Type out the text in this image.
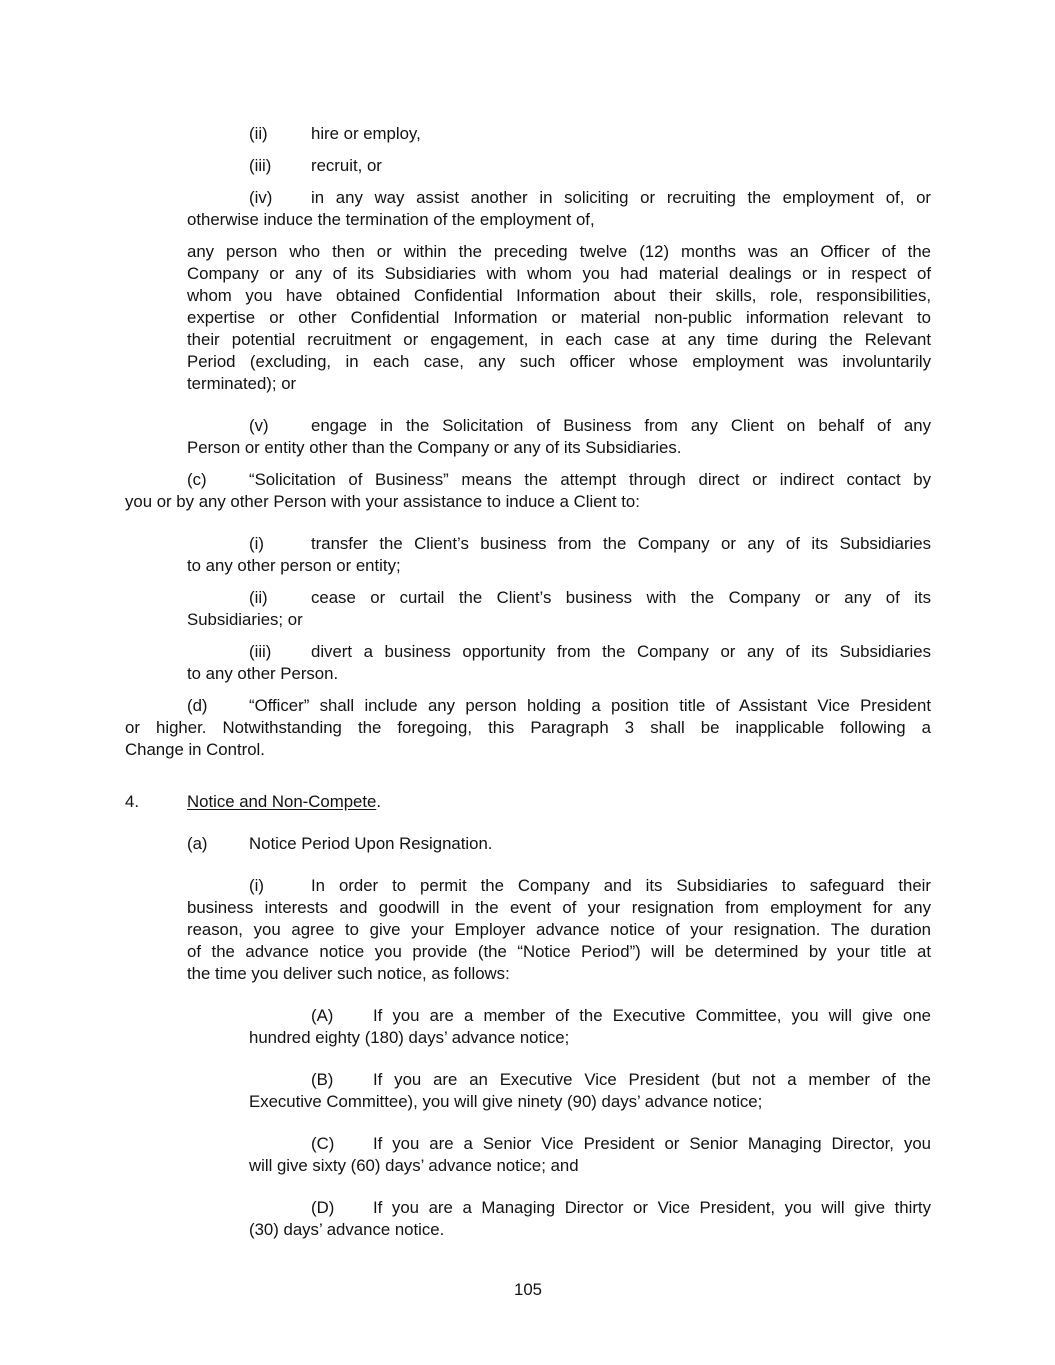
(ii)	hire or employ,
(iii) recruit, or
(iv) in any way assist another in soliciting or recruiting the employment of, or
otherwise induce the termination of the employment of,
any person who then or within the preceding twelve (12) months was an Officer of the
Company or any of its Subsidiaries with whom you had material dealings or in respect of
whom you have obtained Confidential Information about their skills, role, responsibilities,
expertise or other Confidential Information or material non-public information relevant to
their potential recruitment or engagement, in each case at any time during the Relevant
Period (excluding, in each case, any such officer whose employment was involuntarily
terminated); or
(v)	engage in the Solicitation of Business from any Client on behalf of any
Person or entity other than the Company or any of its Subsidiaries.
(c)	“Solicitation of Business” means the attempt through direct or indirect contact by
you or by any other Person with your assistance to induce a Client to:
(i)	transfer the Client’s business from the Company or any of its Subsidiaries
to any other person or entity;
(ii)	cease or curtail the Client’s business with the Company or any of its
Subsidiaries; or
(iii) divert a business opportunity from the Company or any of its Subsidiaries
to any other Person.
(d) “Officer” shall include any person holding a position title of Assistant Vice President
or higher. Notwithstanding the foregoing, this Paragraph 3 shall be inapplicable following a
Change in Control.
4.	Notice and Non-Compete.
(a) Notice Period Upon Resignation.
(i)	In order to permit the Company and its Subsidiaries to safeguard their
business interests and goodwill in the event of your resignation from employment for any
reason, you agree to give your Employer advance notice of your resignation. The duration
of the advance notice you provide (the “Notice Period”) will be determined by your title at
the time you deliver such notice, as follows:
(A) If you are a member of the Executive Committee, you will give one
hundred eighty (180) days’ advance notice;
(B) If you are an Executive Vice President (but not a member of the
Executive Committee), you will give ninety (90) days’ advance notice;
(C) If you are a Senior Vice President or Senior Managing Director, you
will give sixty (60) days’ advance notice; and
(D) If you are a Managing Director or Vice President, you will give thirty
(30) days’ advance notice.
105
